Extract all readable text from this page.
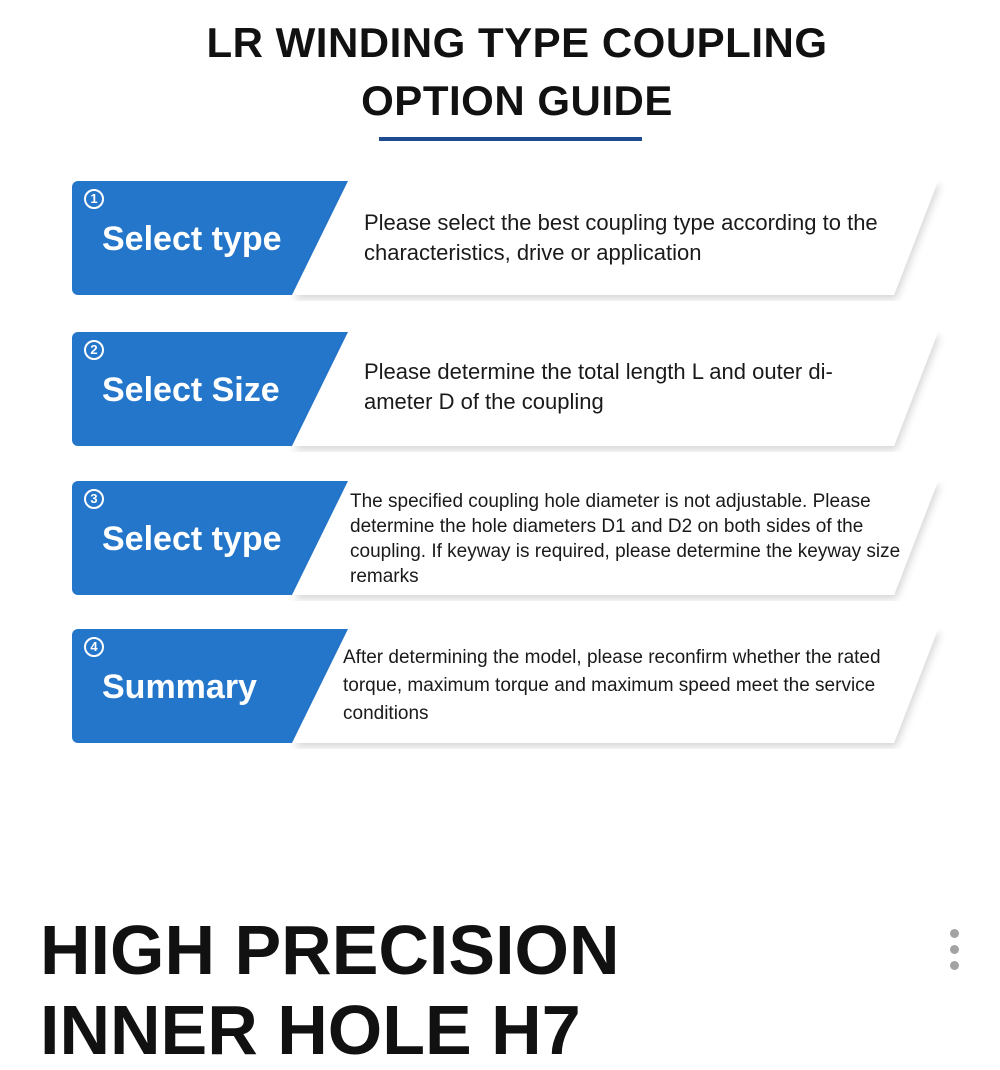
LR WINDING TYPE COUPLING
OPTION GUIDE
1
Select type	Please select the best coupling type according to the characteristics, drive or application
2
Select Size	Please determine the total length L and outer di-
ameter D of the coupling
3
Select type
The specified coupling hole diameter is not adjustable. Please determine the hole diameters D1 and D2 on both sides of the coupling. If keyway is required, please determine the keyway size remarks
4
Summary
After determining the model, please reconfirm whether the rated torque, maximum torque and maximum speed meet the service conditions
HIGH PRECISION
INNER HOLE H7
